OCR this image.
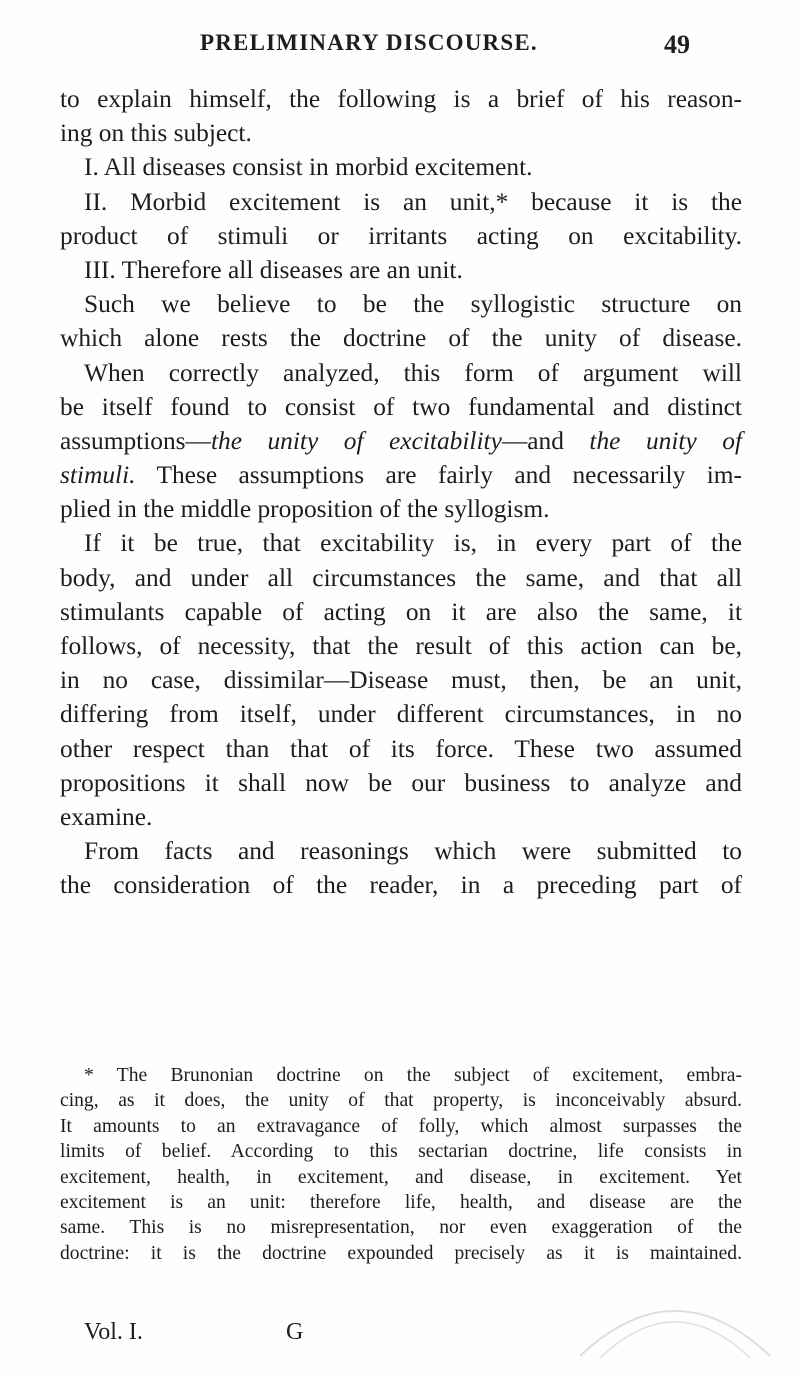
PRELIMINARY DISCOURSE.	49
to explain himself, the following is a brief of his reason-
ing on this subject.
I. All diseases consist in morbid excitement.
II. Morbid excitement is an unit,* because it is the
product of stimuli or irritants acting on excitability.
III. Therefore all diseases are an unit.
Such we believe to be the syllogistic structure on
which alone rests the doctrine of the unity of disease.
When correctly analyzed, this form of argument will
be itself found to consist of two fundamental and distinct
assumptions—the unity of excitability—and the unity of
stimuli. These assumptions are fairly and necessarily im-
plied in the middle proposition of the syllogism.
If it be true, that excitability is, in every part of the
body, and under all circumstances the same, and that all
stimulants capable of acting on it are also the same, it
follows, of necessity, that the result of this action can be,
in no case, dissimilar—Disease must, then, be an unit,
differing from itself, under different circumstances, in no
other respect than that of its force. These two assumed
propositions it shall now be our business to analyze and
examine.
From facts and reasonings which were submitted to
the consideration of the reader, in a preceding part of
* The Brunonian doctrine on the subject of excitement, embra-
cing, as it does, the unity of that property, is inconceivably absurd.
It amounts to an extravagance of folly, which almost surpasses the
limits of belief. According to this sectarian doctrine, life consists in
excitement, health, in excitement, and disease, in excitement. Yet
excitement is an unit: therefore life, health, and disease are the
same. This is no misrepresentation, nor even exaggeration of the
doctrine: it is the doctrine expounded precisely as it is maintained.
Vol. I.	G
